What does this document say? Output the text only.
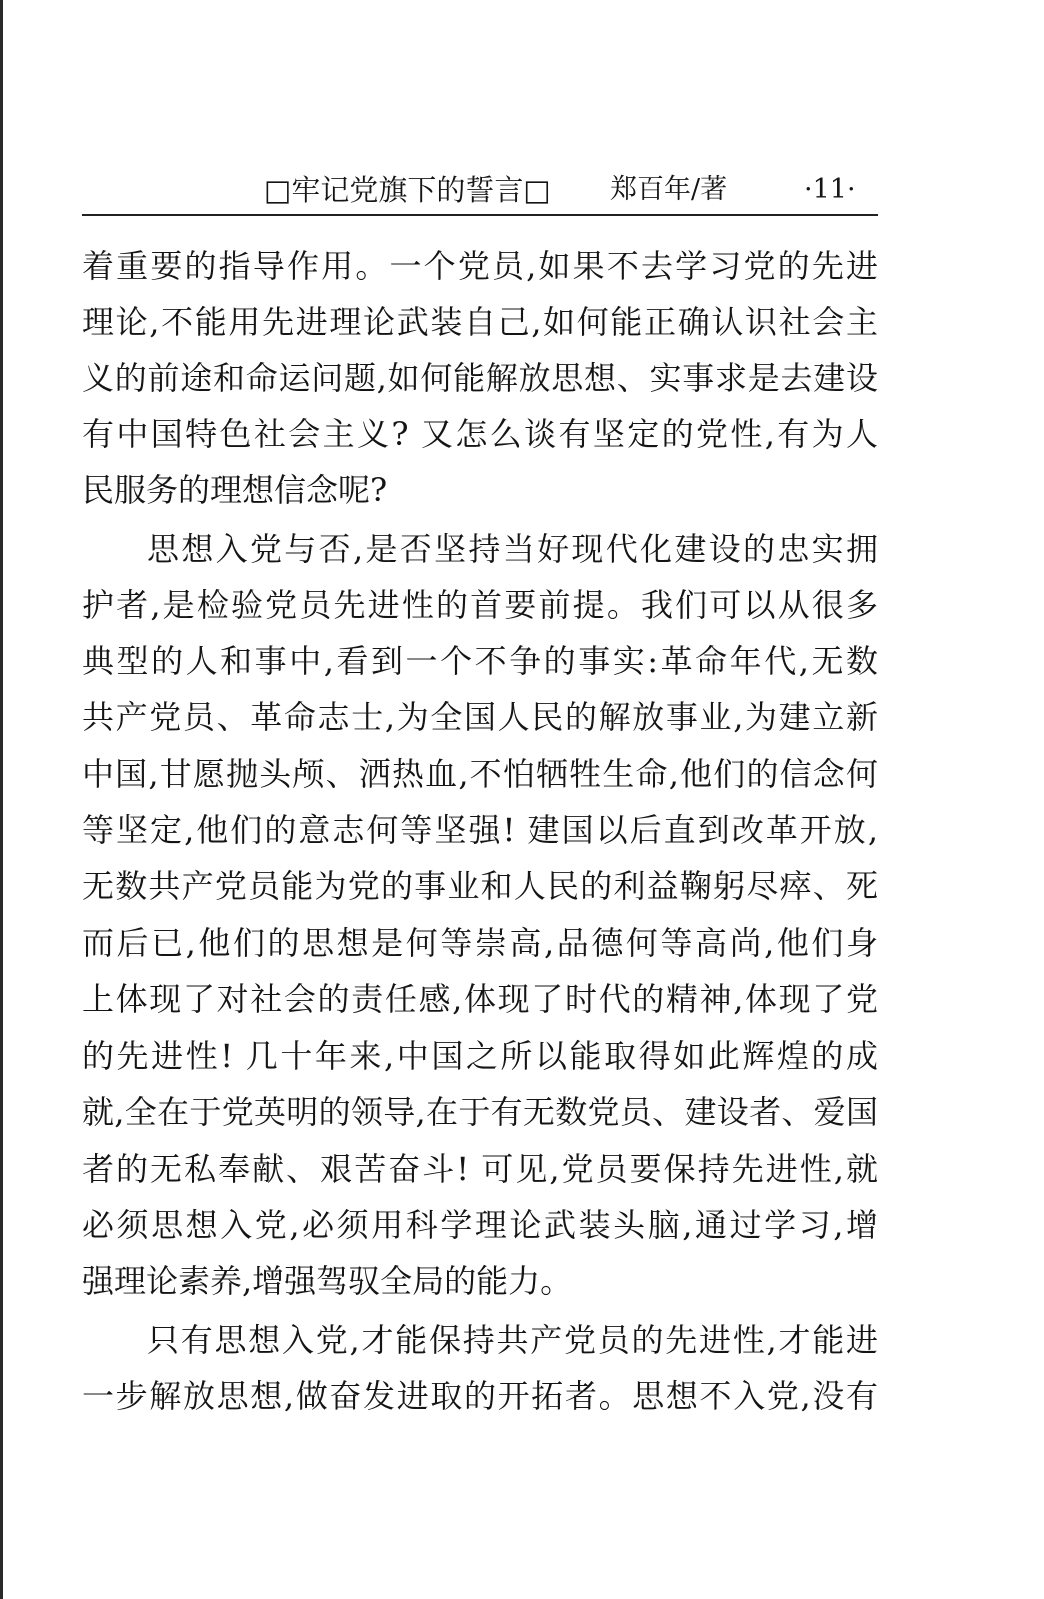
□牢记党旗下的誓言□ 郑百年/著	·11·
着重要的指导作用。一个党员,如果不去学习党的先进
理论,不能用先进理论武装自己,如何能正确认识社会主
义的前途和命运问题,如何能解放思想、实事求是去建设
有中国特色社会主义? 又怎么谈有坚定的党性,有为人
民服务的理想信念呢?
思想入党与否,是否坚持当好现代化建设的忠实拥
护者,是检验党员先进性的首要前提。我们可以从很多
典型的人和事中,看到一个不争的事实:革命年代,无数
共产党员、革命志士,为全国人民的解放事业,为建立新
中国,甘愿抛头颅、洒热血,不怕牺牲生命,他们的信念何
等坚定,他们的意志何等坚强! 建国以后直到改革开放,
无数共产党员能为党的事业和人民的利益鞠躬尽瘁、死
而后已,他们的思想是何等崇高,品德何等高尚,他们身
上体现了对社会的责任感,体现了时代的精神,体现了党
的先进性! 几十年来,中国之所以能取得如此辉煌的成
就,全在于党英明的领导,在于有无数党员、建设者、爱国
者的无私奉献、艰苦奋斗! 可见,党员要保持先进性,就
必须思想入党,必须用科学理论武装头脑,通过学习,增
强理论素养,增强驾驭全局的能力。
只有思想入党,才能保持共产党员的先进性,才能进
一步解放思想,做奋发进取的开拓者。思想不入党,没有
